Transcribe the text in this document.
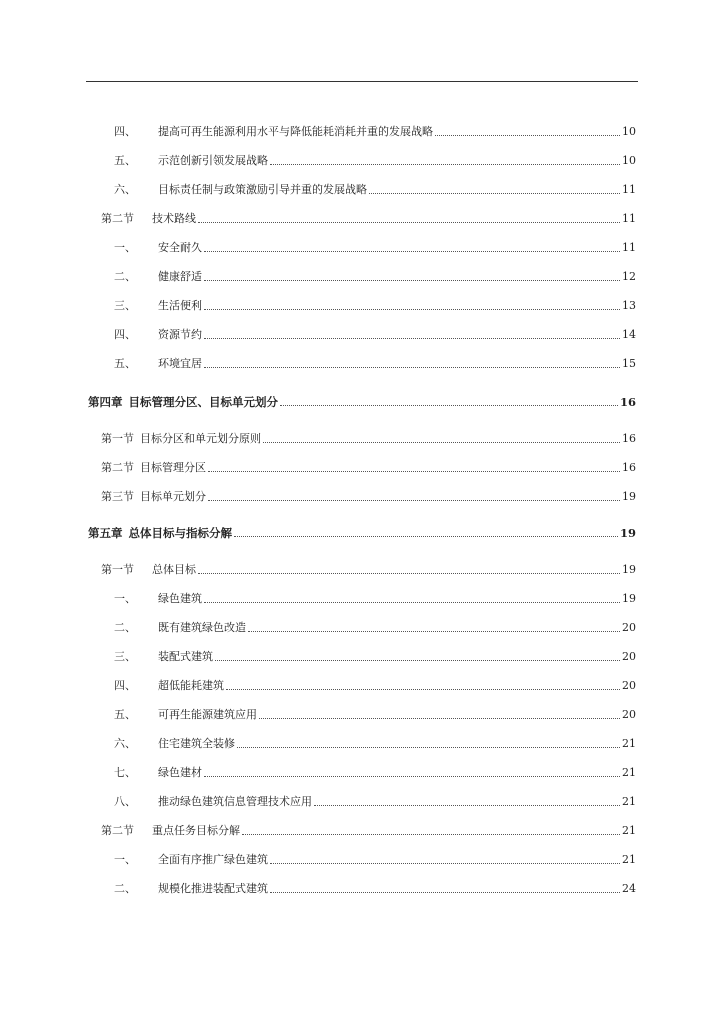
四、	提高可再生能源利用水平与降低能耗消耗并重的发展战略	10
五、	示范创新引领发展战略	10
六、	目标责任制与政策激励引导并重的发展战略	11
第二节	技术路线	11
一、	安全耐久	11
二、	健康舒适	12
三、	生活便利	13
四、	资源节约	14
五、	环境宜居	15
第四章 目标管理分区、目标单元划分	16
第一节 目标分区和单元划分原则	16
第二节 目标管理分区	16
第三节 目标单元划分	19
第五章 总体目标与指标分解	19
第一节	总体目标	19
一、	绿色建筑	19
二、	既有建筑绿色改造	20
三、	装配式建筑	20
四、	超低能耗建筑	20
五、	可再生能源建筑应用	20
六、	住宅建筑全装修	21
七、	绿色建材	21
八、	推动绿色建筑信息管理技术应用	21
第二节	重点任务目标分解	21
一、	全面有序推广绿色建筑	21
二、	规模化推进装配式建筑	24
